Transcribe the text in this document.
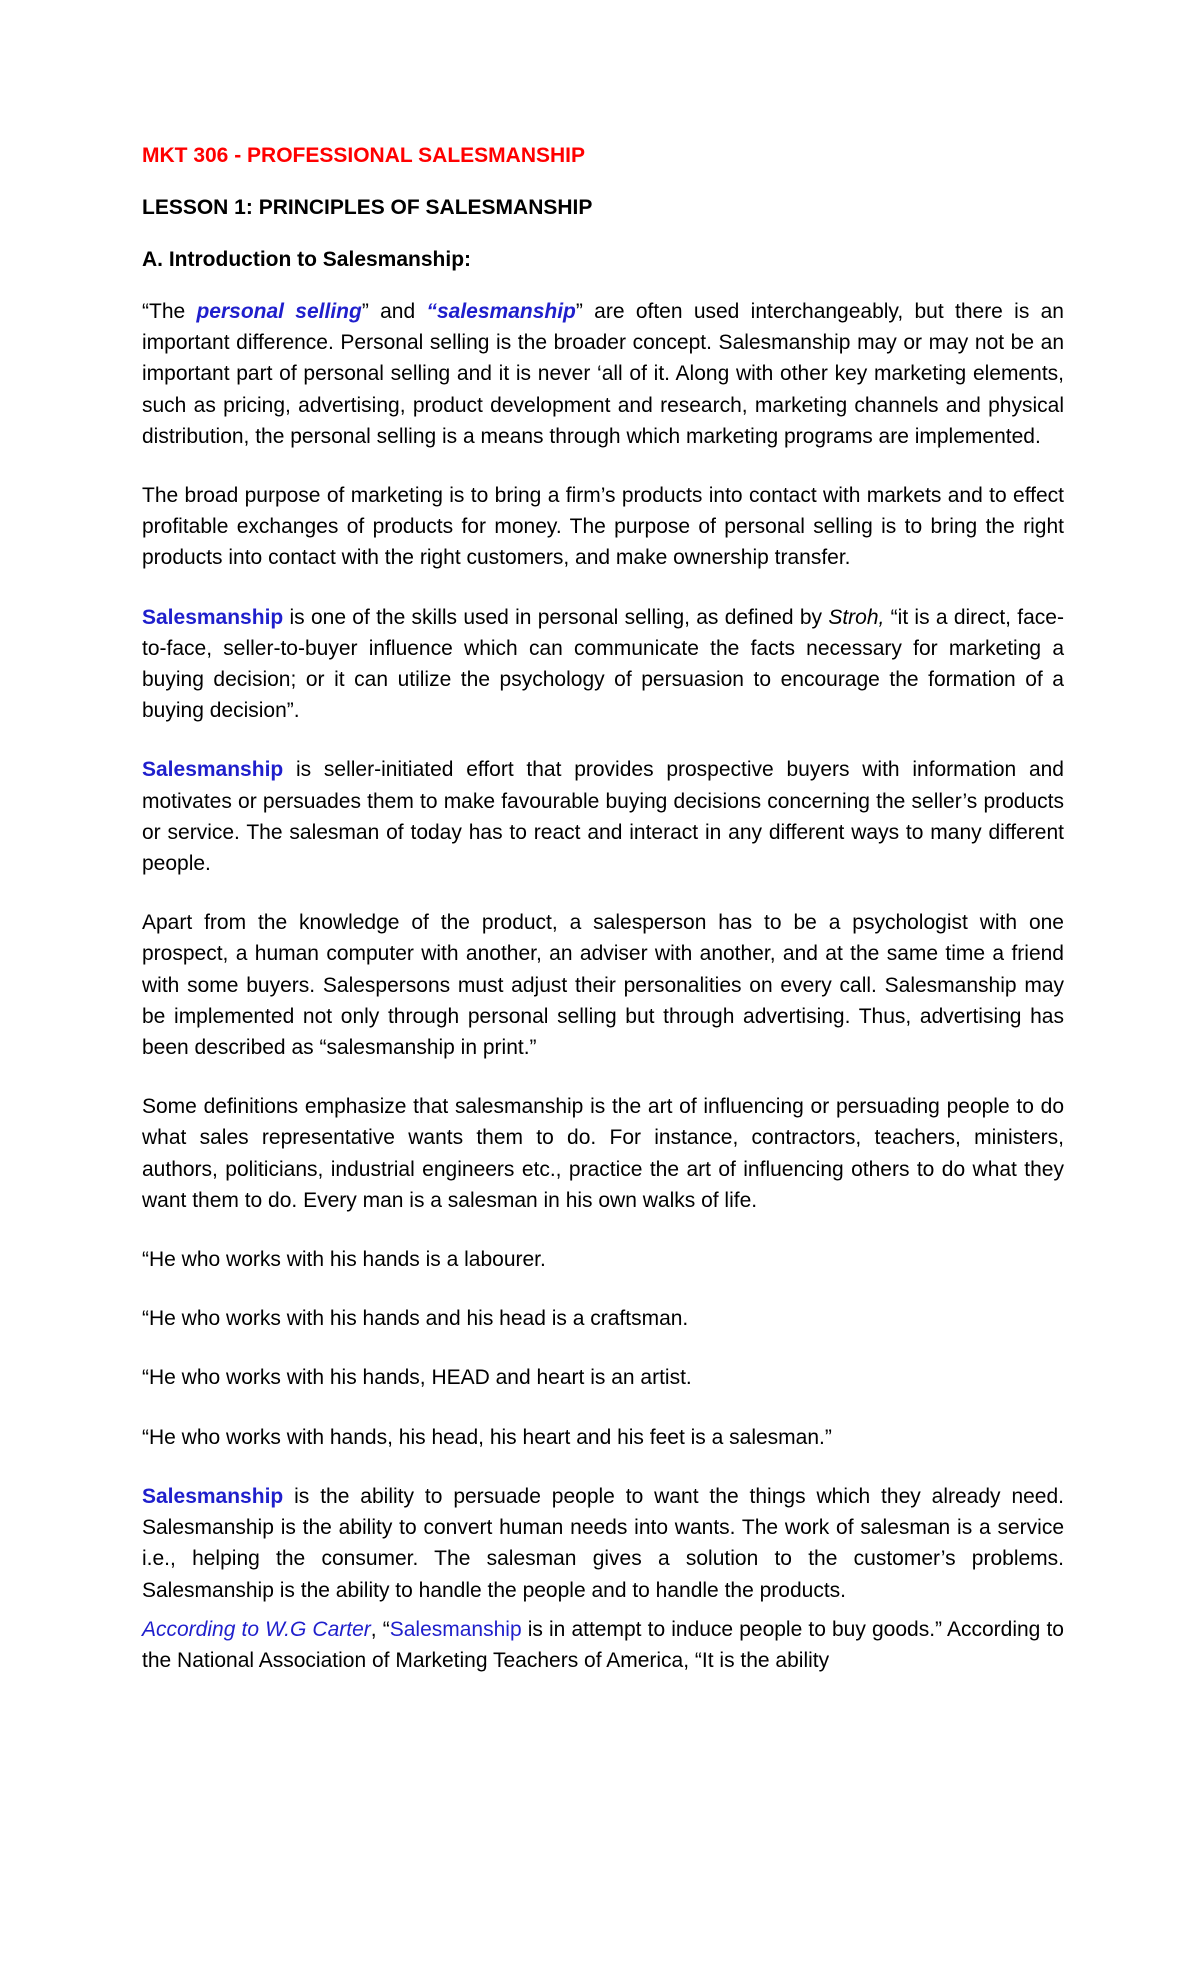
MKT 306 - PROFESSIONAL SALESMANSHIP
LESSON 1: PRINCIPLES OF SALESMANSHIP
A. Introduction to Salesmanship:

“The personal selling” and “salesmanship” are often used interchangeably, but there is an important difference. Personal selling is the broader concept. Salesmanship may or may not be an important part of personal selling and it is never ‘all of it. Along with other key marketing elements, such as pricing, advertising, product development and research, marketing channels and physical distribution, the personal selling is a means through which marketing programs are implemented.

The broad purpose of marketing is to bring a firm’s products into contact with markets and to effect profitable exchanges of products for money. The purpose of personal selling is to bring the right products into contact with the right customers, and make ownership transfer.

Salesmanship is one of the skills used in personal selling, as defined by Stroh, “it is a direct, face-to-face, seller-to-buyer influence which can communicate the facts necessary for marketing a buying decision; or it can utilize the psychology of persuasion to encourage the formation of a buying decision”.

Salesmanship is seller-initiated effort that provides prospective buyers with information and motivates or persuades them to make favourable buying decisions concerning the seller’s products or service. The salesman of today has to react and interact in any different ways to many different people.

Apart from the knowledge of the product, a salesperson has to be a psychologist with one prospect, a human computer with another, an adviser with another, and at the same time a friend with some buyers. Salespersons must adjust their personalities on every call. Salesmanship may be implemented not only through personal selling but through advertising. Thus, advertising has been described as “salesmanship in print.”

Some definitions emphasize that salesmanship is the art of influencing or persuading people to do what sales representative wants them to do. For instance, contractors, teachers, ministers, authors, politicians, industrial engineers etc., practice the art of influencing others to do what they want them to do. Every man is a salesman in his own walks of life.

“He who works with his hands is a labourer.

“He who works with his hands and his head is a craftsman.

“He who works with his hands, HEAD and heart is an artist.

“He who works with hands, his head, his heart and his feet is a salesman.”

Salesmanship is the ability to persuade people to want the things which they already need. Salesmanship is the ability to convert human needs into wants. The work of salesman is a service i.e., helping the consumer. The salesman gives a solution to the customer’s problems. Salesmanship is the ability to handle the people and to handle the products.

According to W.G Carter, “Salesmanship is in attempt to induce people to buy goods.” According to the National Association of Marketing Teachers of America, “It is the ability
